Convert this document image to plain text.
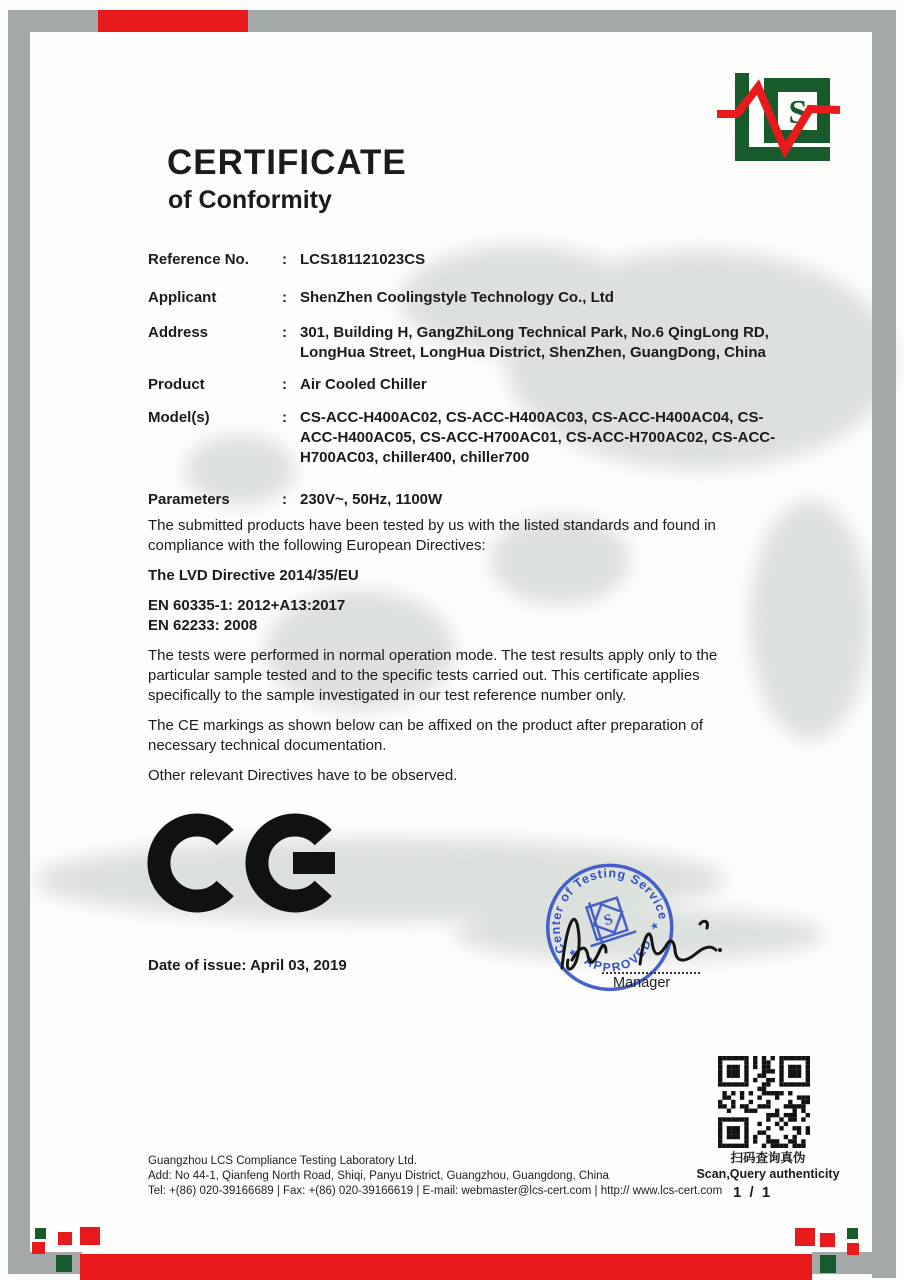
S
CERTIFICATE
of Conformity
Reference No.	: LCS181121023CS
Applicant	: ShenZhen Coolingstyle Technology Co., Ltd
Address	: 301, Building H, GangZhiLong Technical Park, No.6 QingLong RD, LongHua Street, LongHua District, ShenZhen, GuangDong, China
Product	: Air Cooled Chiller
Model(s)	: CS-ACC-H400AC02, CS-ACC-H400AC03, CS-ACC-H400AC04, CS-ACC-H400AC05, CS-ACC-H700AC01, CS-ACC-H700AC02, CS-ACC-H700AC03, chiller400, chiller700
Parameters	: 230V~, 50Hz, 1100W

The submitted products have been tested by us with the listed standards and found in compliance with the following European Directives:

The LVD Directive 2014/35/EU

EN 60335-1: 2012+A13:2017

EN 62233: 2008

The tests were performed in normal operation mode. The test results apply only to the particular sample tested and to the specific tests carried out. This certificate applies specifically to the sample investigated in our test reference number only.

The CE markings as shown below can be affixed on the product after preparation of necessary technical documentation.

Other relevant Directives have to be observed.

Date of issue: April 03, 2019
Center of Testing Service
APPROVED
*
*
S
Manager
扫码查询真伪
Scan,Query authenticity
1 / 1
Guangzhou LCS Compliance Testing Laboratory Ltd.
Add: No 44-1, Qianfeng North Road, Shiqi, Panyu District, Guangzhou, Guangdong, China
Tel: +(86) 020-39166689 | Fax: +(86) 020-39166619 | E-mail: webmaster@lcs-cert.com | http:// www.lcs-cert.com
